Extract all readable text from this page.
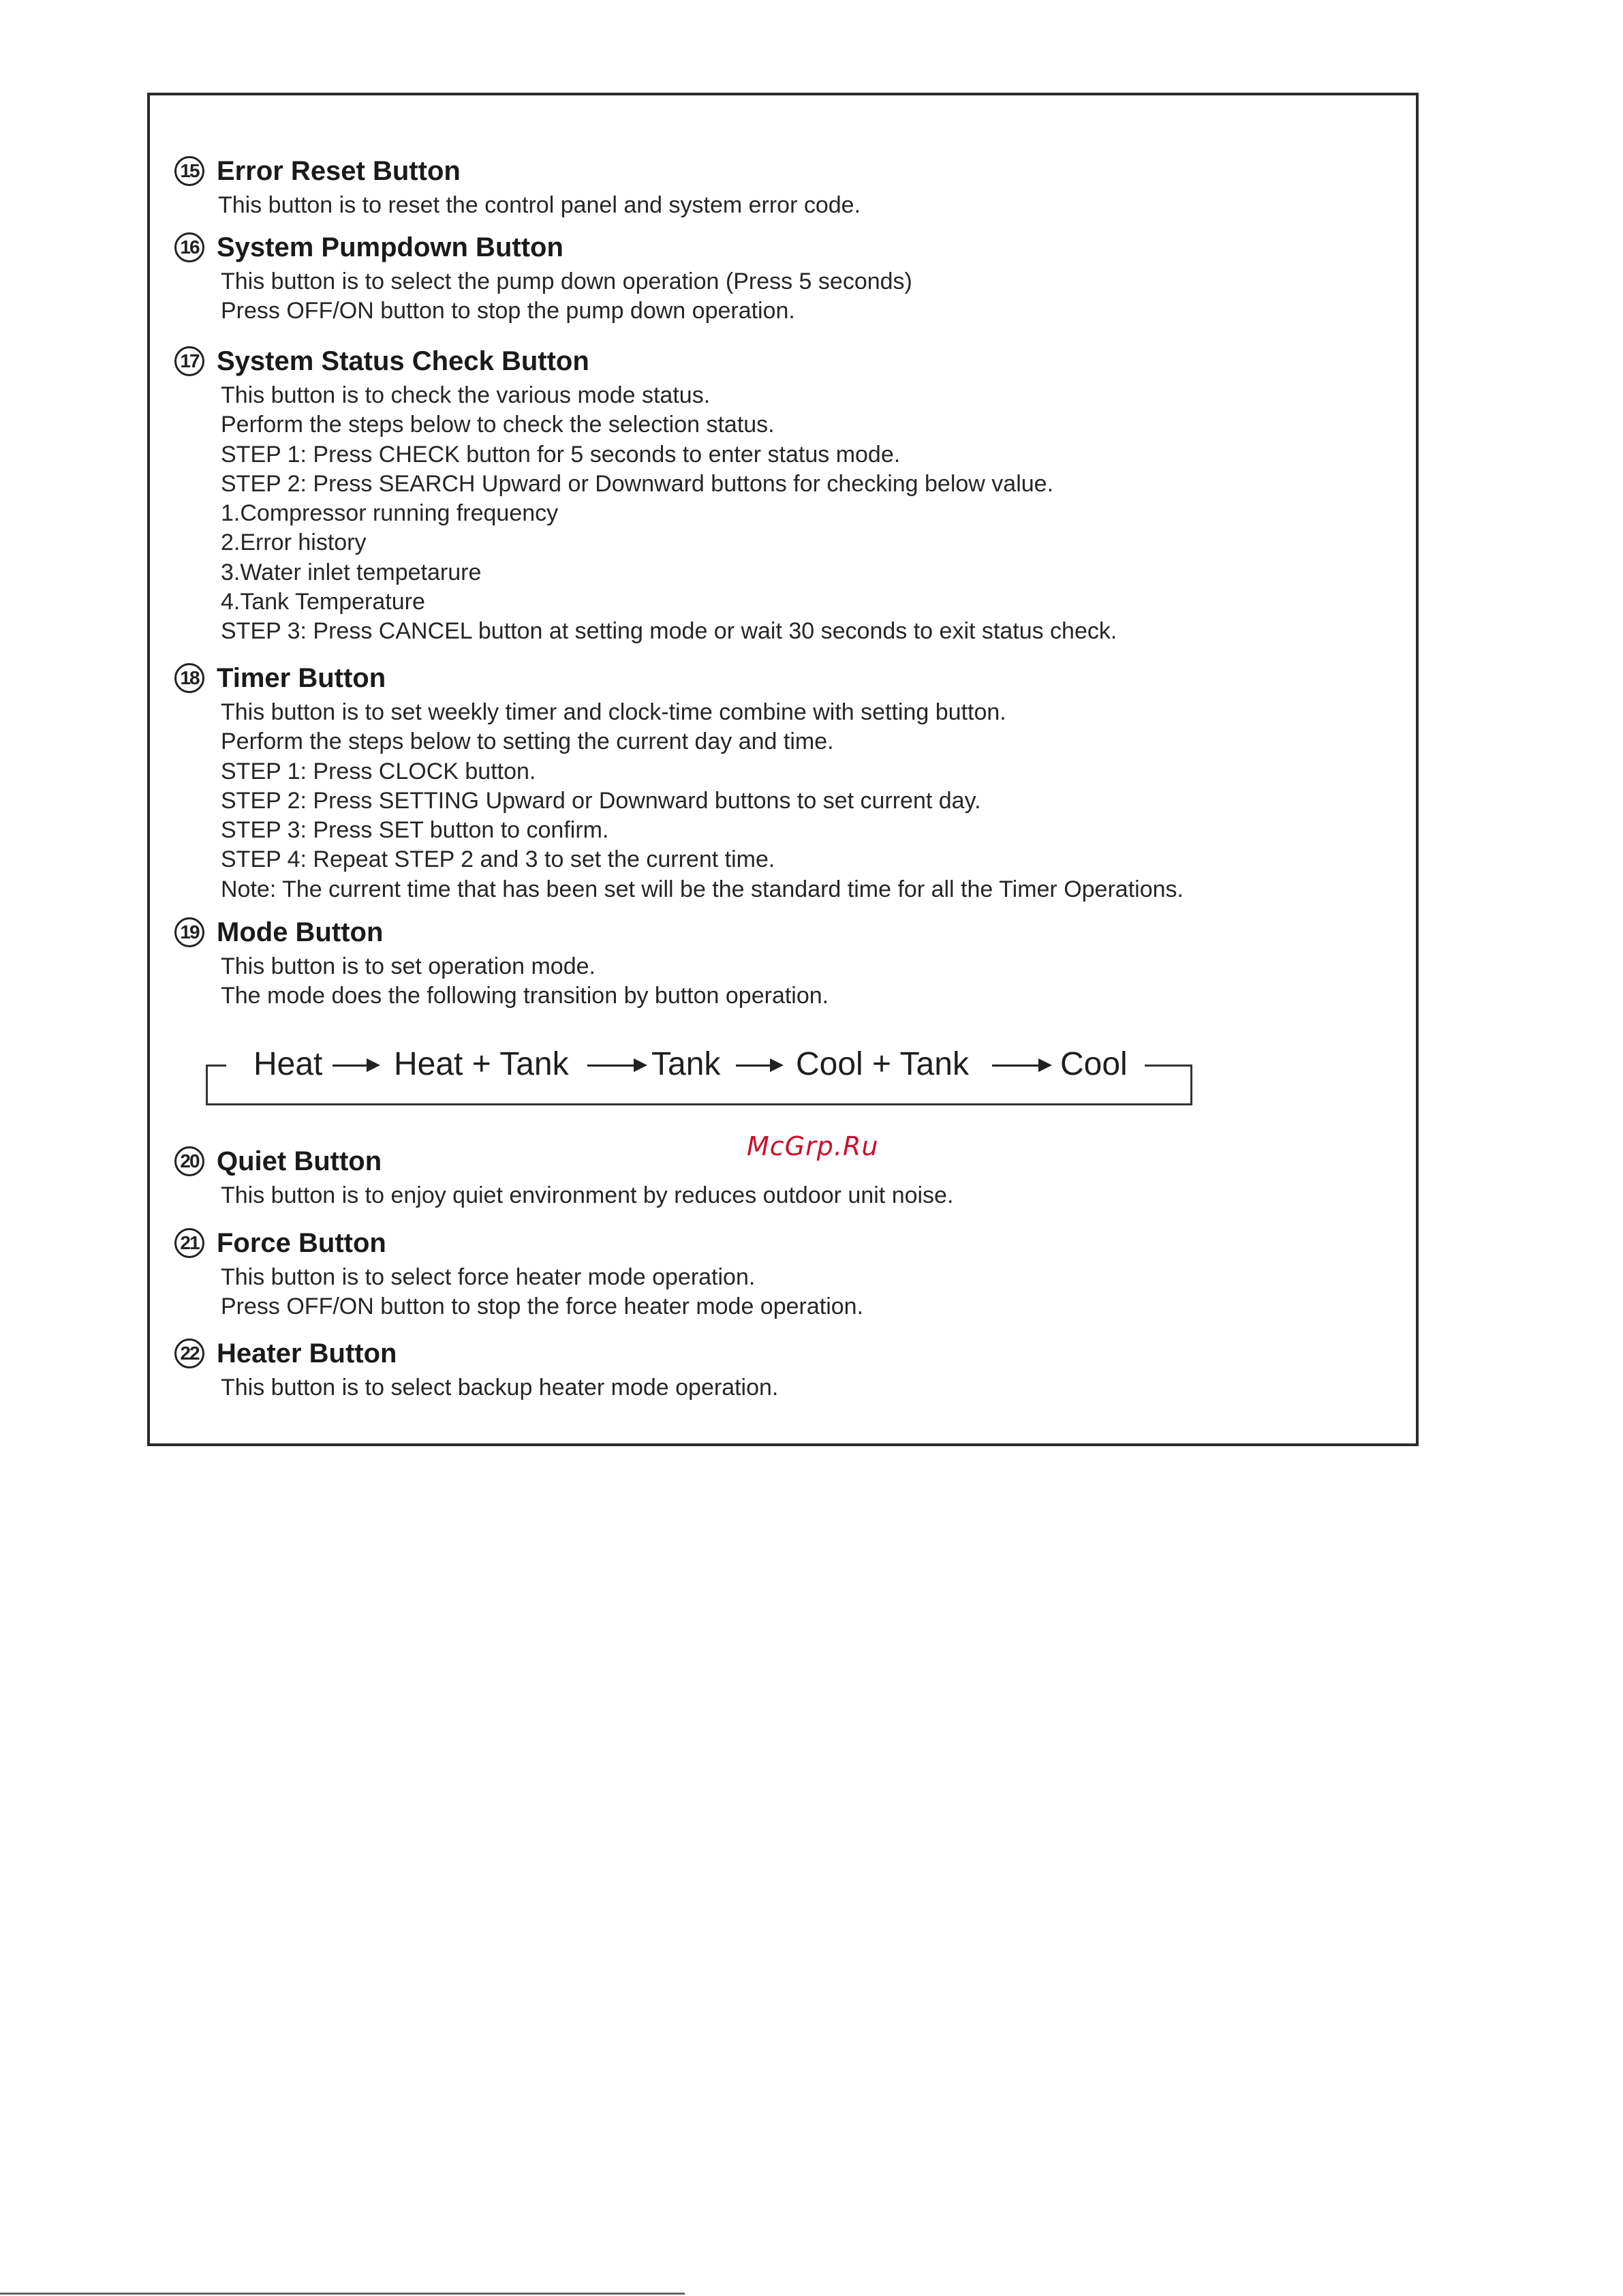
15 Error Reset Button
This button is to reset the control panel and system error code.
16 System Pumpdown Button
This button is to select the pump down operation (Press 5 seconds)
Press OFF/ON button to stop the pump down operation.
17 System Status Check Button
This button is to check the various mode status.
Perform the steps below to check the selection status.
STEP 1: Press CHECK button for 5 seconds to enter status mode.
STEP 2: Press SEARCH Upward or Downward buttons for checking below value.
1.Compressor running frequency
2.Error history
3.Water inlet tempetarure
4.Tank Temperature
STEP 3: Press CANCEL button at setting mode or wait 30 seconds to exit status check.
18 Timer Button
This button is to set weekly timer and clock-time combine with setting button.
Perform the steps below to setting the current day and time.
STEP 1: Press CLOCK button.
STEP 2: Press SETTING Upward or Downward buttons to set current day.
STEP 3: Press SET button to confirm.
STEP 4: Repeat STEP 2 and 3 to set the current time.
Note: The current time that has been set will be the standard time for all the Timer Operations.
19 Mode Button
This button is to set operation mode.
The mode does the following transition by button operation.
Heat Heat + Tank	Tank Cool + Tank	Cool
McGrp.Ru
20 Quiet Button
This button is to enjoy quiet environment by reduces outdoor unit noise.
21 Force Button
This button is to select force heater mode operation.
Press OFF/ON button to stop the force heater mode operation.
22 Heater Button
This button is to select backup heater mode operation.
